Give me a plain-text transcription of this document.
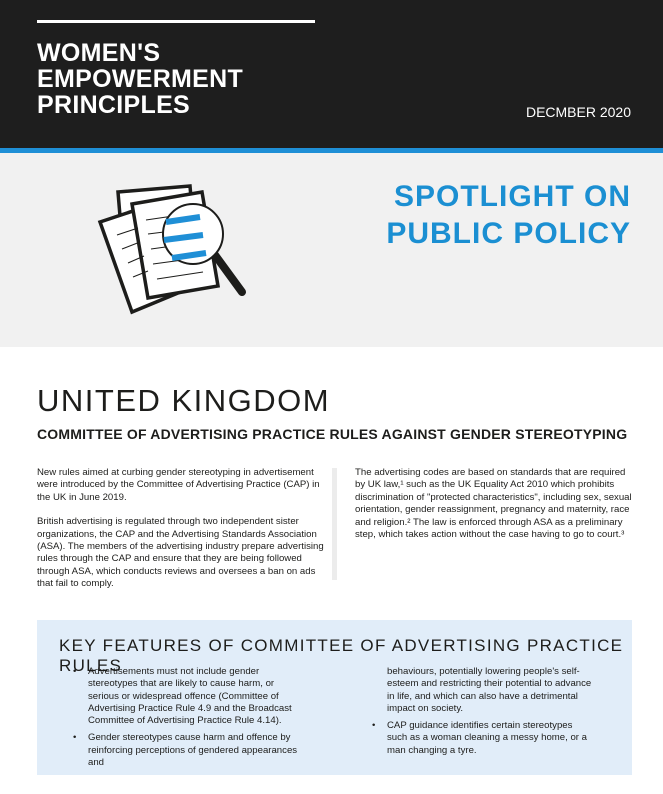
WOMEN'S
EMPOWERMENT
PRINCIPLES	DECMBER 2020
SPOTLIGHT ON
PUBLIC POLICY
UNITED KINGDOM
COMMITTEE OF ADVERTISING PRACTICE RULES AGAINST GENDER STEREOTYPING

New rules aimed at curbing gender stereotyping in advertisement were introduced by the Committee of Advertising Practice (CAP) in the UK in June 2019.

British advertising is regulated through two independent sister organizations, the CAP and the Advertising Standards Association (ASA). The members of the advertising industry prepare advertising rules through the CAP and ensure that they are being followed through ASA, which conducts reviews and oversees a ban on ads that fail to comply.

The advertising codes are based on standards that are required by UK law,¹ such as the UK Equality Act 2010 which prohibits discrimination of "protected characteristics", including sex, sexual orientation, gender reassignment, pregnancy and maternity, race and religion.² The law is enforced through ASA as a preliminary step, which takes action without the case having to go to court.³

KEY FEATURES OF COMMITTEE OF ADVERTISING PRACTICE RULES
• Advertisements must not include gender stereotypes that are likely to cause harm, or serious or widespread offence (Committee of Advertising Practice Rule 4.9 and the Broadcast Committee of Advertising Practice Rule 4.14).
• Gender stereotypes cause harm and offence by reinforcing perceptions of gendered appearances and
behaviours, potentially lowering people's self-esteem and restricting their potential to advance in life, and which can also have a detrimental impact on society.
• CAP guidance identifies certain stereotypes such as a woman cleaning a messy home, or a man changing a tyre.
